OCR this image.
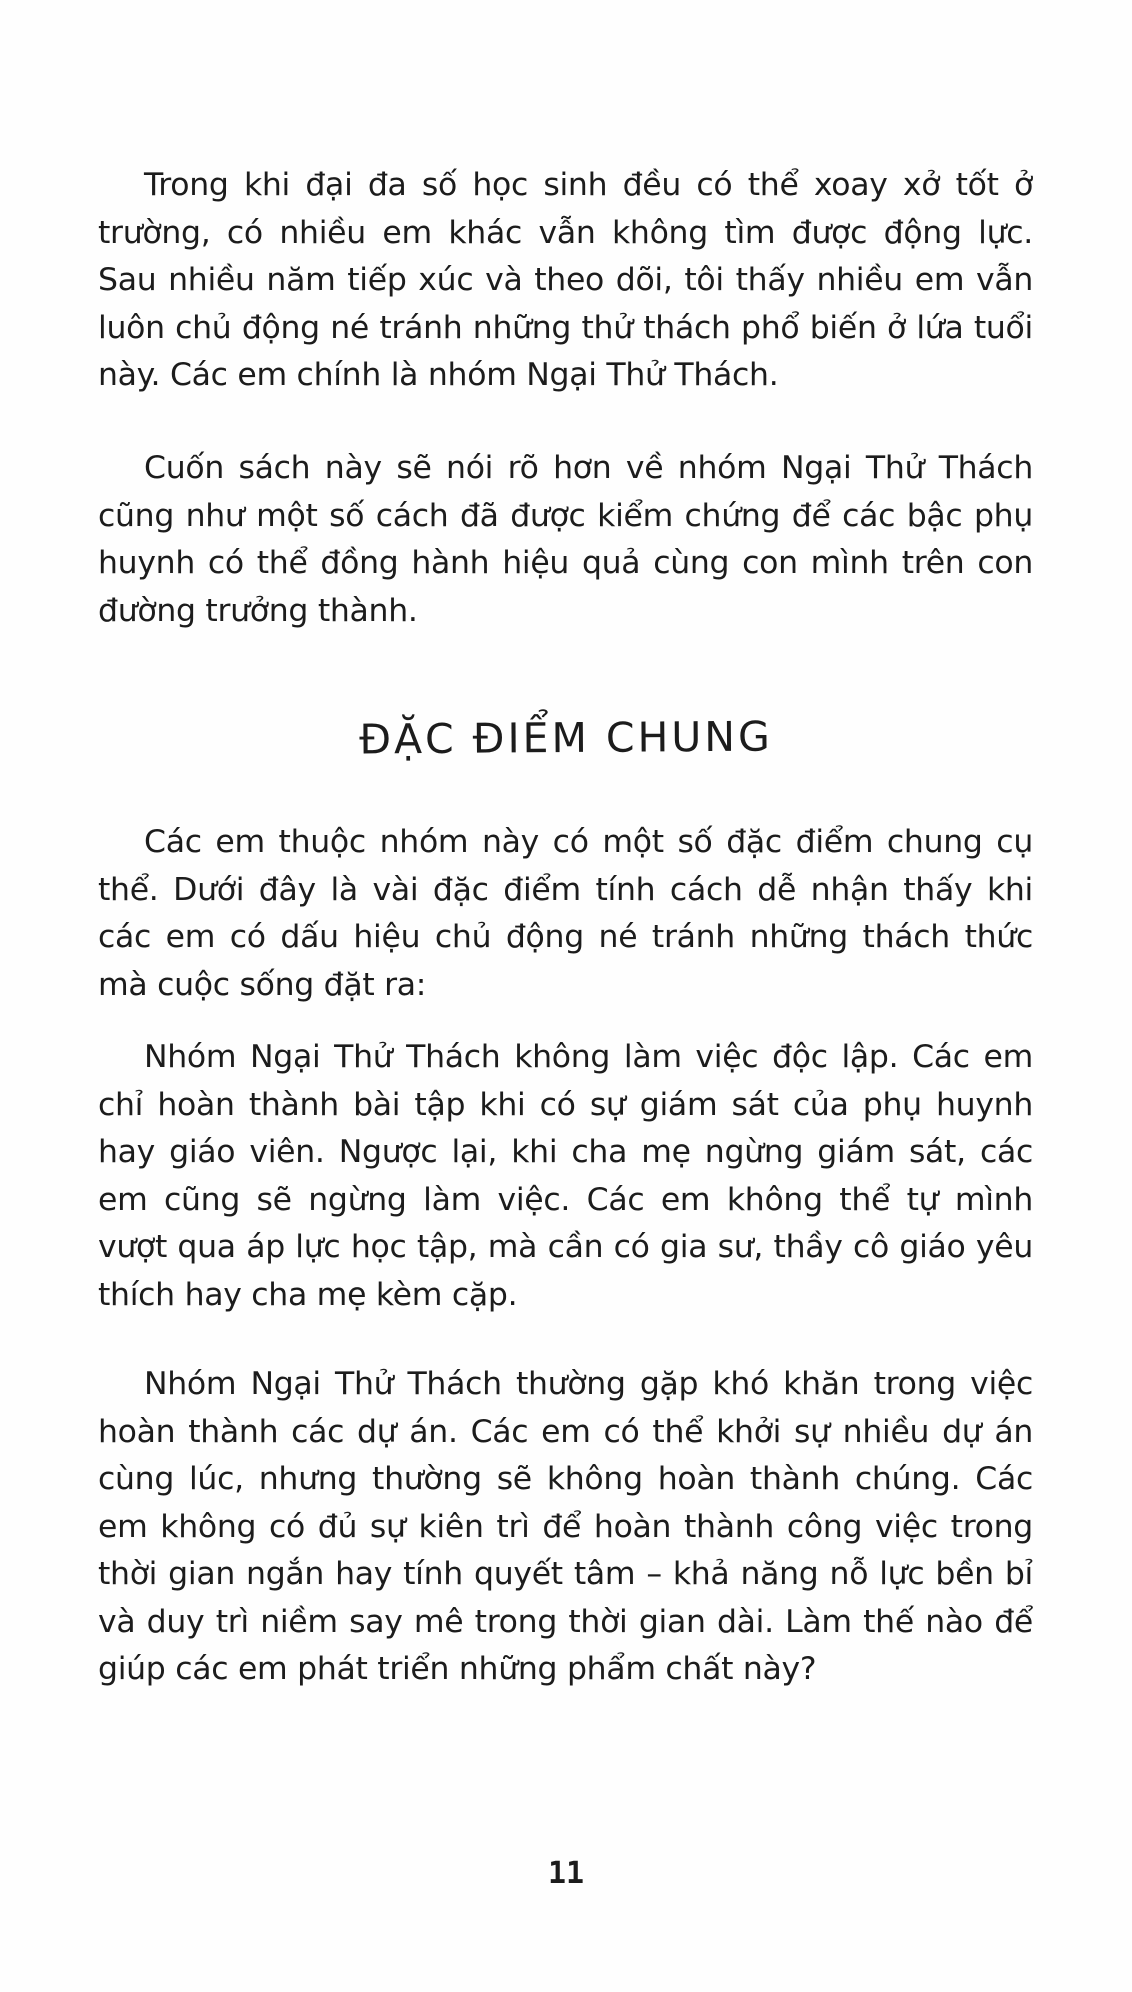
Trong khi đại đa số học sinh đều có thể xoay xở tốt ở trường, có nhiều em khác vẫn không tìm được động lực. Sau nhiều năm tiếp xúc và theo dõi, tôi thấy nhiều em vẫn luôn chủ động né tránh những thử thách phổ biến ở lứa tuổi này. Các em chính là nhóm Ngại Thử Thách.

Cuốn sách này sẽ nói rõ hơn về nhóm Ngại Thử Thách cũng như một số cách đã được kiểm chứng để các bậc phụ huynh có thể đồng hành hiệu quả cùng con mình trên con đường trưởng thành.

ĐẶC ĐIỂM CHUNG

Các em thuộc nhóm này có một số đặc điểm chung cụ thể. Dưới đây là vài đặc điểm tính cách dễ nhận thấy khi các em có dấu hiệu chủ động né tránh những thách thức mà cuộc sống đặt ra:

Nhóm Ngại Thử Thách không làm việc độc lập. Các em chỉ hoàn thành bài tập khi có sự giám sát của phụ huynh hay giáo viên. Ngược lại, khi cha mẹ ngừng giám sát, các em cũng sẽ ngừng làm việc. Các em không thể tự mình vượt qua áp lực học tập, mà cần có gia sư, thầy cô giáo yêu thích hay cha mẹ kèm cặp.

Nhóm Ngại Thử Thách thường gặp khó khăn trong việc hoàn thành các dự án. Các em có thể khởi sự nhiều dự án cùng lúc, nhưng thường sẽ không hoàn thành chúng. Các em không có đủ sự kiên trì để hoàn thành công việc trong thời gian ngắn hay tính quyết tâm – khả năng nỗ lực bền bỉ và duy trì niềm say mê trong thời gian dài. Làm thế nào để giúp các em phát triển những phẩm chất này?

11
